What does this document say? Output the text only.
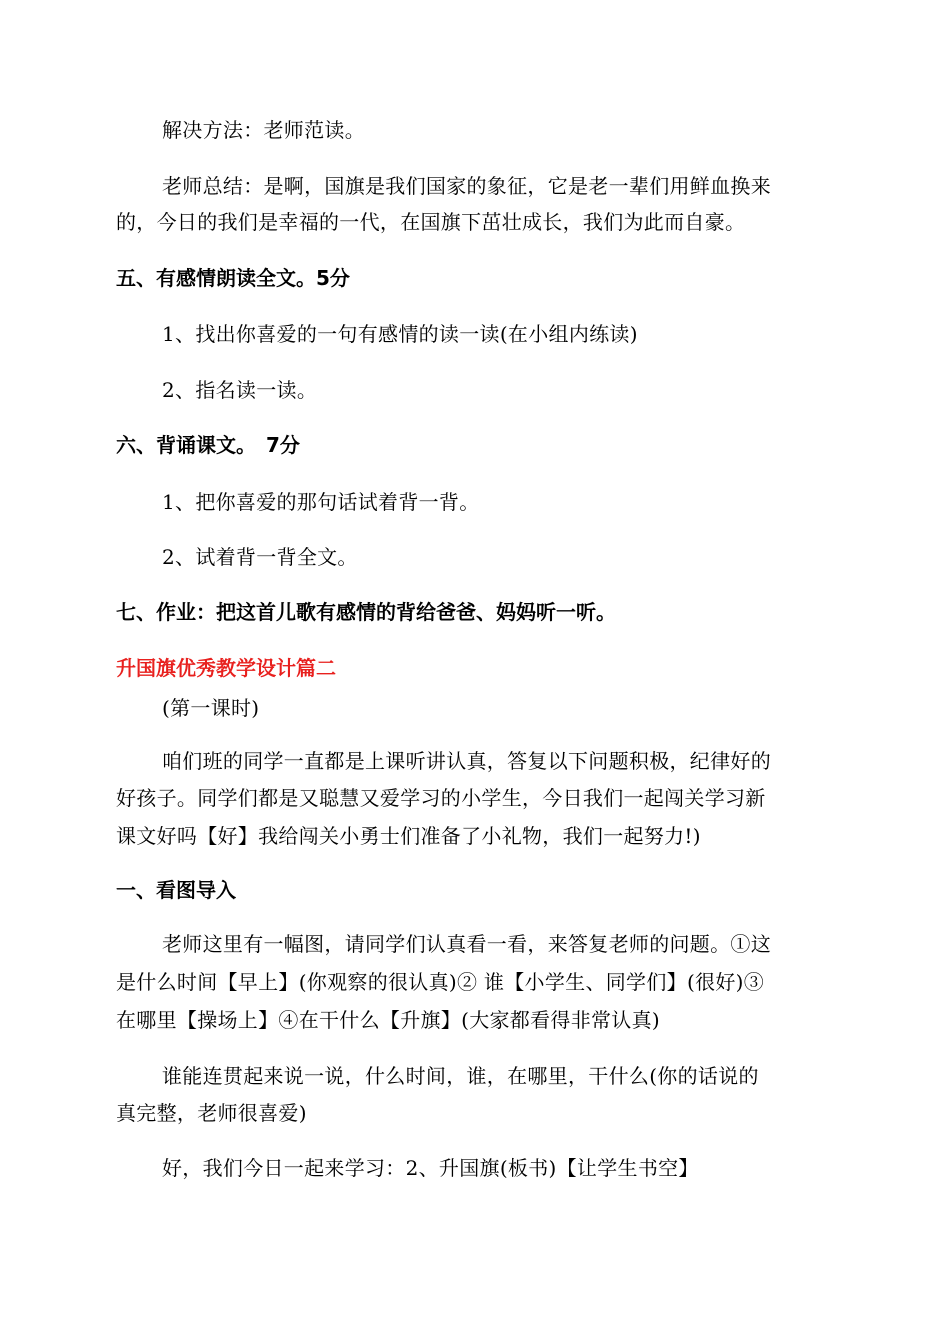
解决方法：老师范读。
老师总结：是啊，国旗是我们国家的象征，它是老一辈们用鲜血换来
的，今日的我们是幸福的一代，在国旗下茁壮成长，我们为此而自豪。
五、有感情朗读全文。5分
1、找出你喜爱的一句有感情的读一读(在小组内练读)
2、指名读一读。
六、背诵课文。　7分
1、把你喜爱的那句话试着背一背。
2、试着背一背全文。
七、作业：把这首儿歌有感情的背给爸爸、妈妈听一听。
升国旗优秀教学设计篇二
(第一课时)
咱们班的同学一直都是上课听讲认真，答复以下问题积极，纪律好的
好孩子。同学们都是又聪慧又爱学习的小学生，今日我们一起闯关学习新
课文好吗【好】我给闯关小勇士们准备了小礼物，我们一起努力!)
一、看图导入
老师这里有一幅图，请同学们认真看一看，来答复老师的问题。①这
是什么时间【早上】(你观察的很认真)② 谁【小学生、同学们】(很好)③
在哪里【操场上】④在干什么【升旗】(大家都看得非常认真)
谁能连贯起来说一说，什么时间，谁，在哪里，干什么(你的话说的
真完整，老师很喜爱)
好，我们今日一起来学习：2、升国旗(板书)【让学生书空】
